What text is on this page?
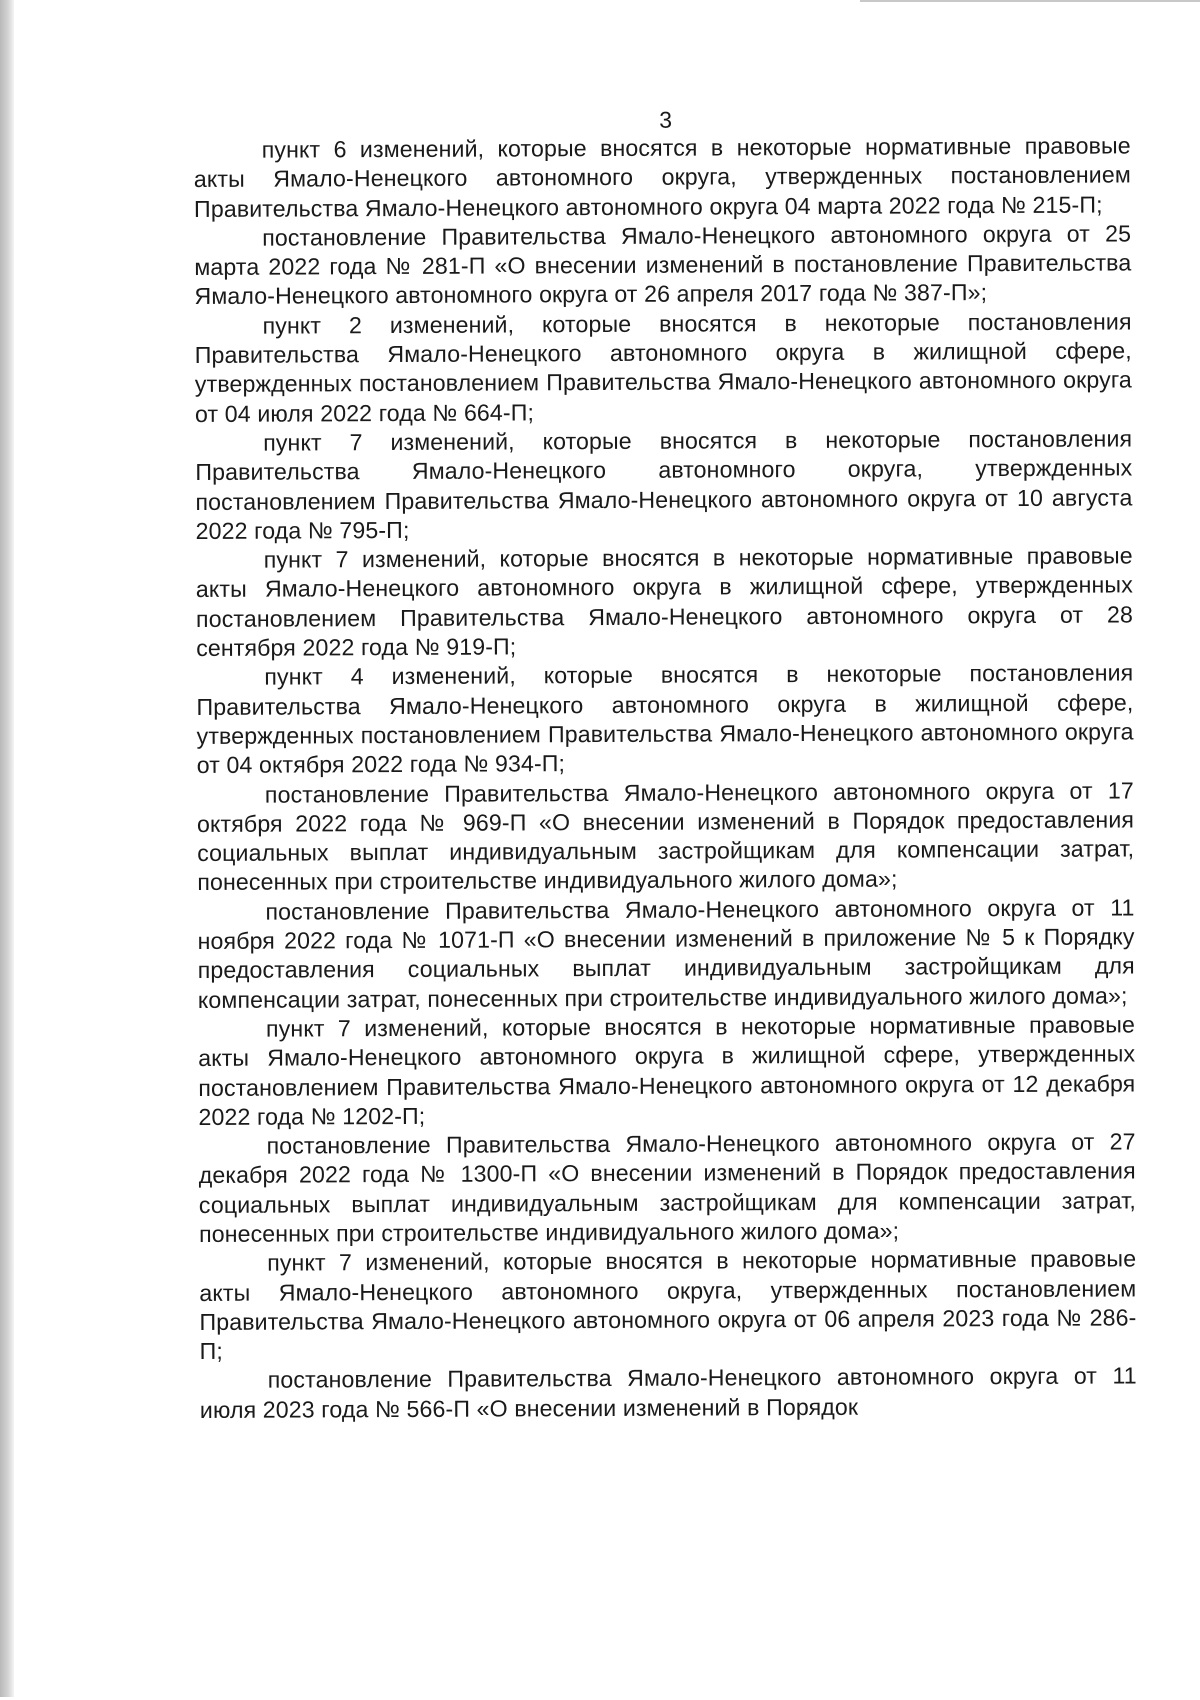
3

пункт 6 изменений, которые вносятся в некоторые нормативные правовые акты Ямало-Ненецкого автономного округа, утвержденных постановлением Правительства Ямало-Ненецкого автономного округа 04 марта 2022 года № 215-П;

постановление Правительства Ямало-Ненецкого автономного округа от 25 марта 2022 года № 281-П «О внесении изменений в постановление Правительства Ямало-Ненецкого автономного округа от 26 апреля 2017 года № 387-П»;

пункт 2 изменений, которые вносятся в некоторые постановления Правительства Ямало-Ненецкого автономного округа в жилищной сфере, утвержденных постановлением Правительства Ямало-Ненецкого автономного округа от 04 июля 2022 года № 664-П;

пункт 7 изменений, которые вносятся в некоторые постановления Правительства Ямало-Ненецкого автономного округа, утвержденных постановлением Правительства Ямало-Ненецкого автономного округа от 10 августа 2022 года № 795-П;

пункт 7 изменений, которые вносятся в некоторые нормативные правовые акты Ямало-Ненецкого автономного округа в жилищной сфере, утвержденных постановлением Правительства Ямало-Ненецкого автономного округа от 28 сентября 2022 года № 919-П;

пункт 4 изменений, которые вносятся в некоторые постановления Правительства Ямало-Ненецкого автономного округа в жилищной сфере, утвержденных постановлением Правительства Ямало-Ненецкого автономного округа от 04 октября 2022 года № 934-П;

постановление Правительства Ямало-Ненецкого автономного округа от 17 октября 2022 года № 969-П «О внесении изменений в Порядок предоставления социальных выплат индивидуальным застройщикам для компенсации затрат, понесенных при строительстве индивидуального жилого дома»;

постановление Правительства Ямало-Ненецкого автономного округа от 11 ноября 2022 года № 1071-П «О внесении изменений в приложение № 5 к Порядку предоставления социальных выплат индивидуальным застройщикам для компенсации затрат, понесенных при строительстве индивидуального жилого дома»;

пункт 7 изменений, которые вносятся в некоторые нормативные правовые акты Ямало-Ненецкого автономного округа в жилищной сфере, утвержденных постановлением Правительства Ямало-Ненецкого автономного округа от 12 декабря 2022 года № 1202-П;

постановление Правительства Ямало-Ненецкого автономного округа от 27 декабря 2022 года № 1300-П «О внесении изменений в Порядок предоставления социальных выплат индивидуальным застройщикам для компенсации затрат, понесенных при строительстве индивидуального жилого дома»;

пункт 7 изменений, которые вносятся в некоторые нормативные правовые акты Ямало-Ненецкого автономного округа, утвержденных постановлением Правительства Ямало-Ненецкого автономного округа от 06 апреля 2023 года № 286-П;

постановление Правительства Ямало-Ненецкого автономного округа от 11 июля 2023 года № 566-П «О внесении изменений в Порядок
